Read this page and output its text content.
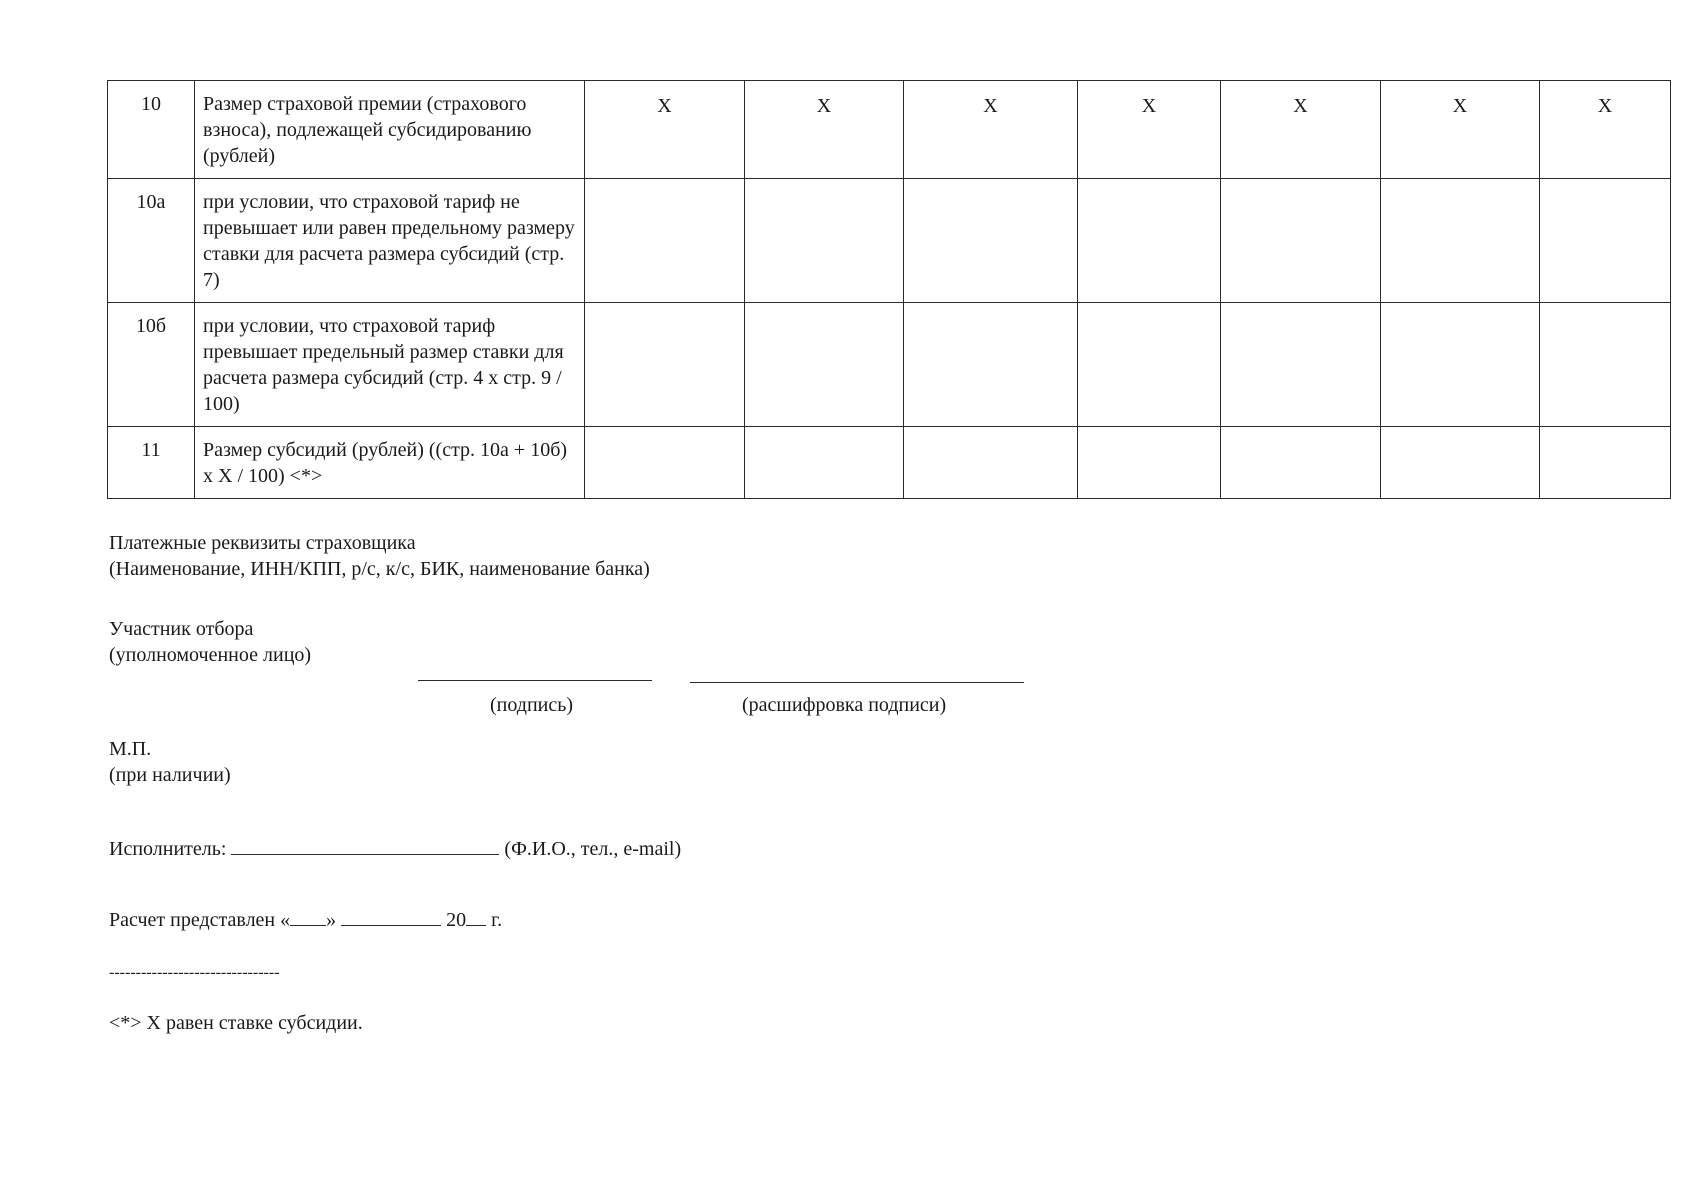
10	Размер страховой премии (страхового взноса), подлежащей субсидированию (рублей)	X	X	X	X	X	X	X
10а	при условии, что страховой тариф не превышает или равен предельному размеру ставки для расчета размера субсидий (стр. 7)							
10б	при условии, что страховой тариф превышает предельный размер ставки для расчета размера субсидий (стр. 4 x стр. 9 / 100)							
11	Размер субсидий (рублей) ((стр. 10а + 10б) x X / 100) <*>							
Платежные реквизиты страховщика
(Наименование, ИНН/КПП, р/с, к/с, БИК, наименование банка)
Участник отбора
(уполномоченное лицо)
(подпись)	(расшифровка подписи)
М.П.
(при наличии)
Исполнитель:	(Ф.И.О., тел., e-mail)
Расчет представлен « »	20 г.
--------------------------------
<*> X равен ставке субсидии.
